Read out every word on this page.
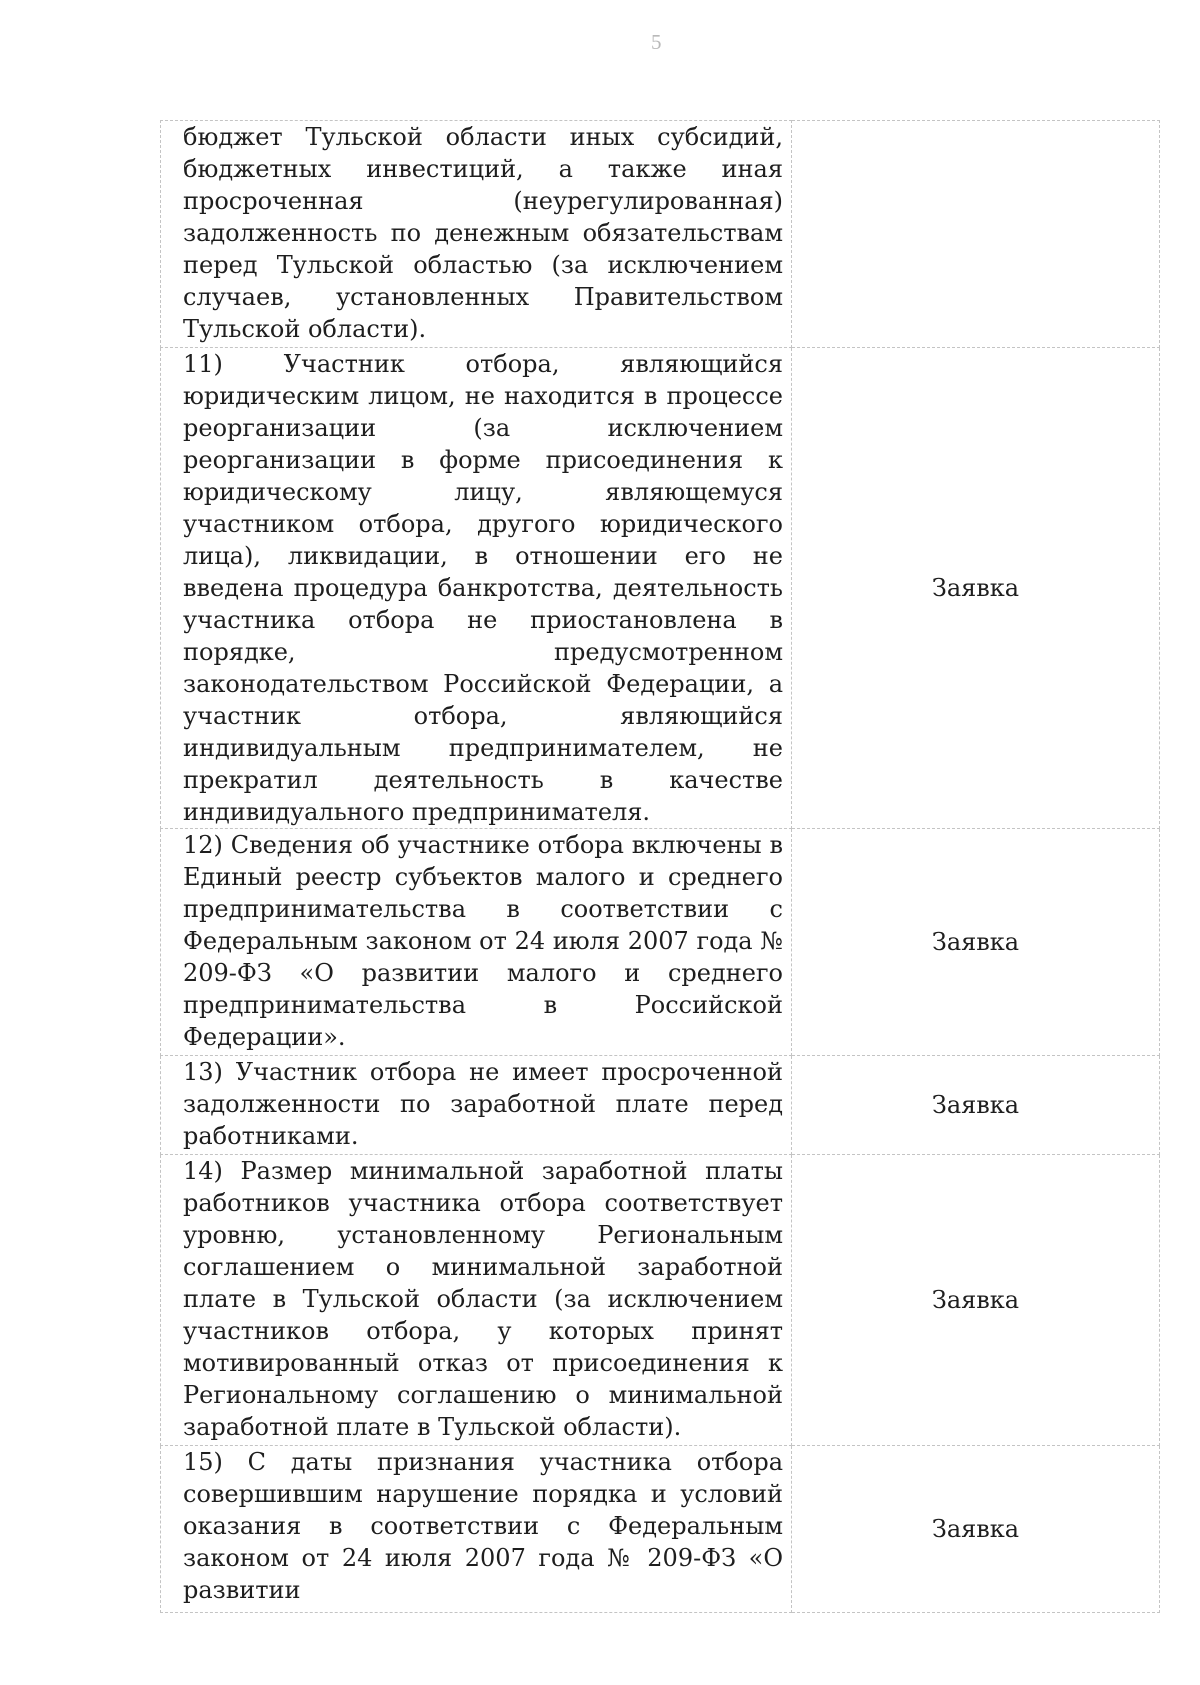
5
бюджет Тульской области иных субсидий, бюджетных инвестиций, а также иная просроченная (неурегулированная) задолженность по денежным обязательствам перед Тульской областью (за исключением случаев, установленных Правительством Тульской области).	
11) Участник отбора, являющийся юридическим лицом, не находится в процессе реорганизации (за исключением реорганизации в форме присоединения к юридическому лицу, являющемуся участником отбора, другого юридического лица), ликвидации, в отношении его не введена процедура банкротства, деятельность участника отбора не приостановлена в порядке, предусмотренном законодательством Российской Федерации, а участник отбора, являющийся индивидуальным предпринимателем, не прекратил деятельность в качестве индивидуального предпринимателя.	Заявка
12) Сведения об участнике отбора включены в Единый реестр субъектов малого и среднего предпринимательства в соответствии с Федеральным законом от 24 июля 2007 года № 209-ФЗ «О развитии малого и среднего предпринимательства в Российской Федерации».	Заявка
13) Участник отбора не имеет просроченной задолженности по заработной плате перед работниками.	Заявка
14) Размер минимальной заработной платы работников участника отбора соответствует уровню, установленному Региональным соглашением о минимальной заработной плате в Тульской области (за исключением участников отбора, у которых принят мотивированный отказ от присоединения к Региональному соглашению о минимальной заработной плате в Тульской области).	Заявка
15) С даты признания участника отбора совершившим нарушение порядка и условий оказания в соответствии с Федеральным законом от 24 июля 2007 года № 209-ФЗ «О развитии	Заявка
